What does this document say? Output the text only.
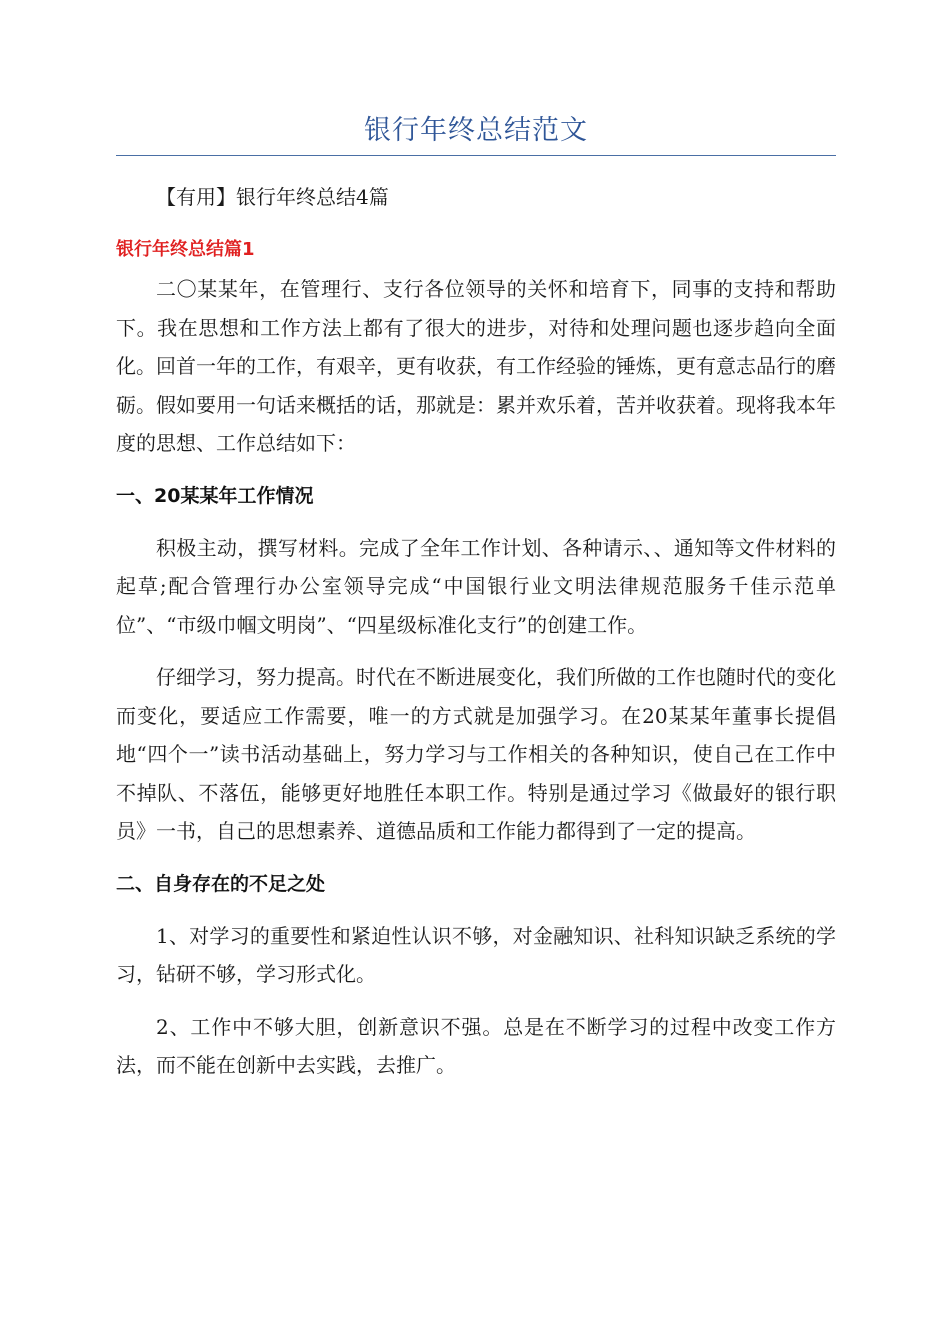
银行年终总结范文

【有用】银行年终总结4篇

银行年终总结篇1

二〇某某年，在管理行、支行各位领导的关怀和培育下，同事的支持和帮助下。我在思想和工作方法上都有了很大的进步，对待和处理问题也逐步趋向全面化。回首一年的工作，有艰辛，更有收获，有工作经验的锤炼，更有意志品行的磨砺。假如要用一句话来概括的话，那就是：累并欢乐着，苦并收获着。现将我本年度的思想、工作总结如下：

一、20某某年工作情况

积极主动，撰写材料。完成了全年工作计划、各种请示、、通知等文件材料的起草;配合管理行办公室领导完成“中国银行业文明法律规范服务千佳示范单位”、“市级巾帼文明岗”、“四星级标准化支行”的创建工作。

仔细学习，努力提高。时代在不断进展变化，我们所做的工作也随时代的变化而变化，要适应工作需要，唯一的方式就是加强学习。在20某某年董事长提倡地“四个一”读书活动基础上，努力学习与工作相关的各种知识，使自己在工作中不掉队、不落伍，能够更好地胜任本职工作。特别是通过学习《做最好的银行职员》一书，自己的思想素养、道德品质和工作能力都得到了一定的提高。

二、自身存在的不足之处

1、对学习的重要性和紧迫性认识不够，对金融知识、社科知识缺乏系统的学习，钻研不够，学习形式化。

2、工作中不够大胆，创新意识不强。总是在不断学习的过程中改变工作方法，而不能在创新中去实践，去推广。
